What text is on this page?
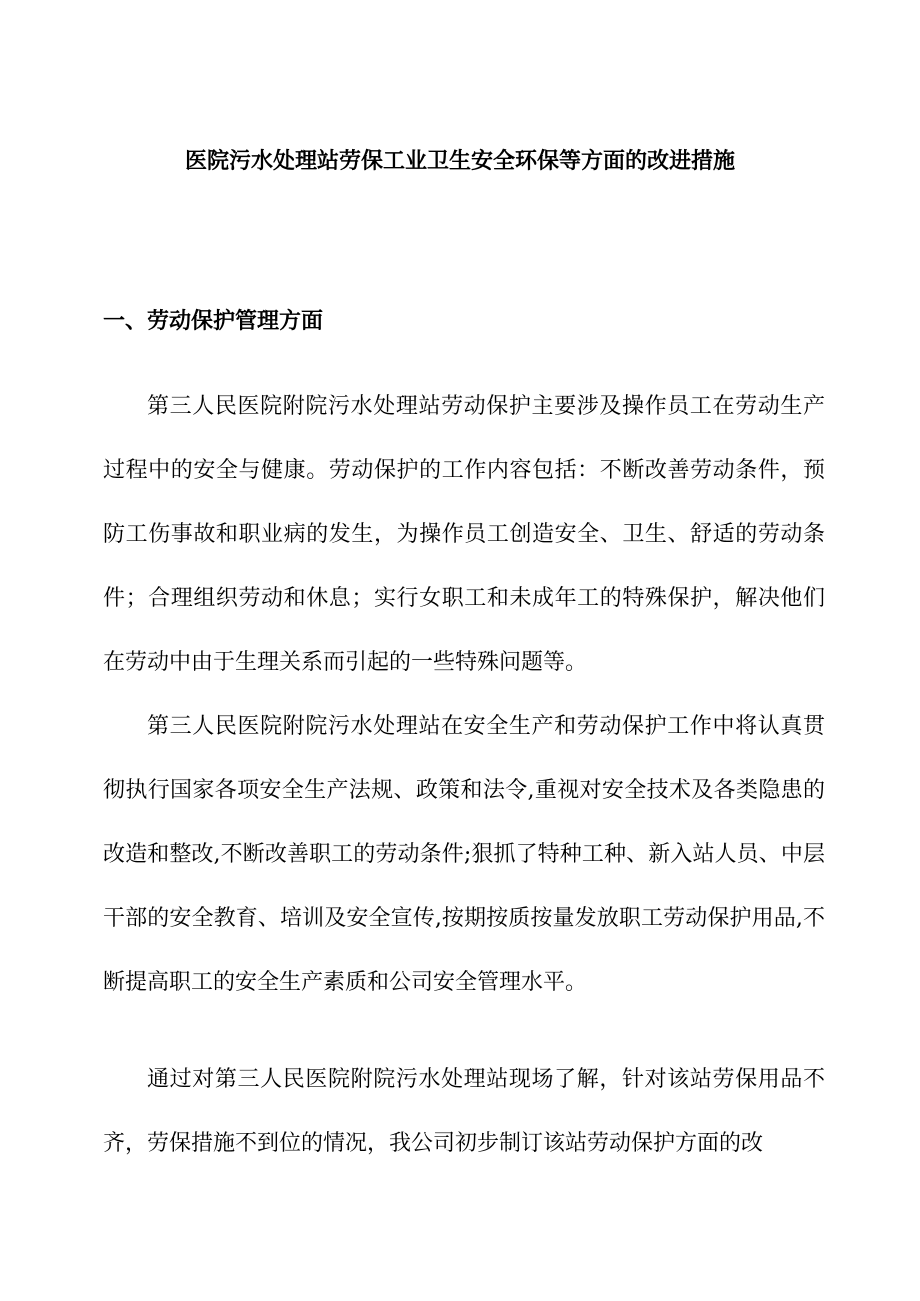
医院污水处理站劳保工业卫生安全环保等方面的改进措施
一、劳动保护管理方面

第三人民医院附院污水处理站劳动保护主要涉及操作员工在劳动生产过程中的安全与健康。劳动保护的工作内容包括：不断改善劳动条件，预防工伤事故和职业病的发生，为操作员工创造安全、卫生、舒适的劳动条件；合理组织劳动和休息；实行女职工和未成年工的特殊保护，解决他们在劳动中由于生理关系而引起的一些特殊问题等。

第三人民医院附院污水处理站在安全生产和劳动保护工作中将认真贯彻执行国家各项安全生产法规、政策和法令,重视对安全技术及各类隐患的改造和整改,不断改善职工的劳动条件;狠抓了特种工种、新入站人员、中层干部的安全教育、培训及安全宣传,按期按质按量发放职工劳动保护用品,不断提高职工的安全生产素质和公司安全管理水平。

通过对第三人民医院附院污水处理站现场了解，针对该站劳保用品不齐，劳保措施不到位的情况，我公司初步制订该站劳动保护方面的改
